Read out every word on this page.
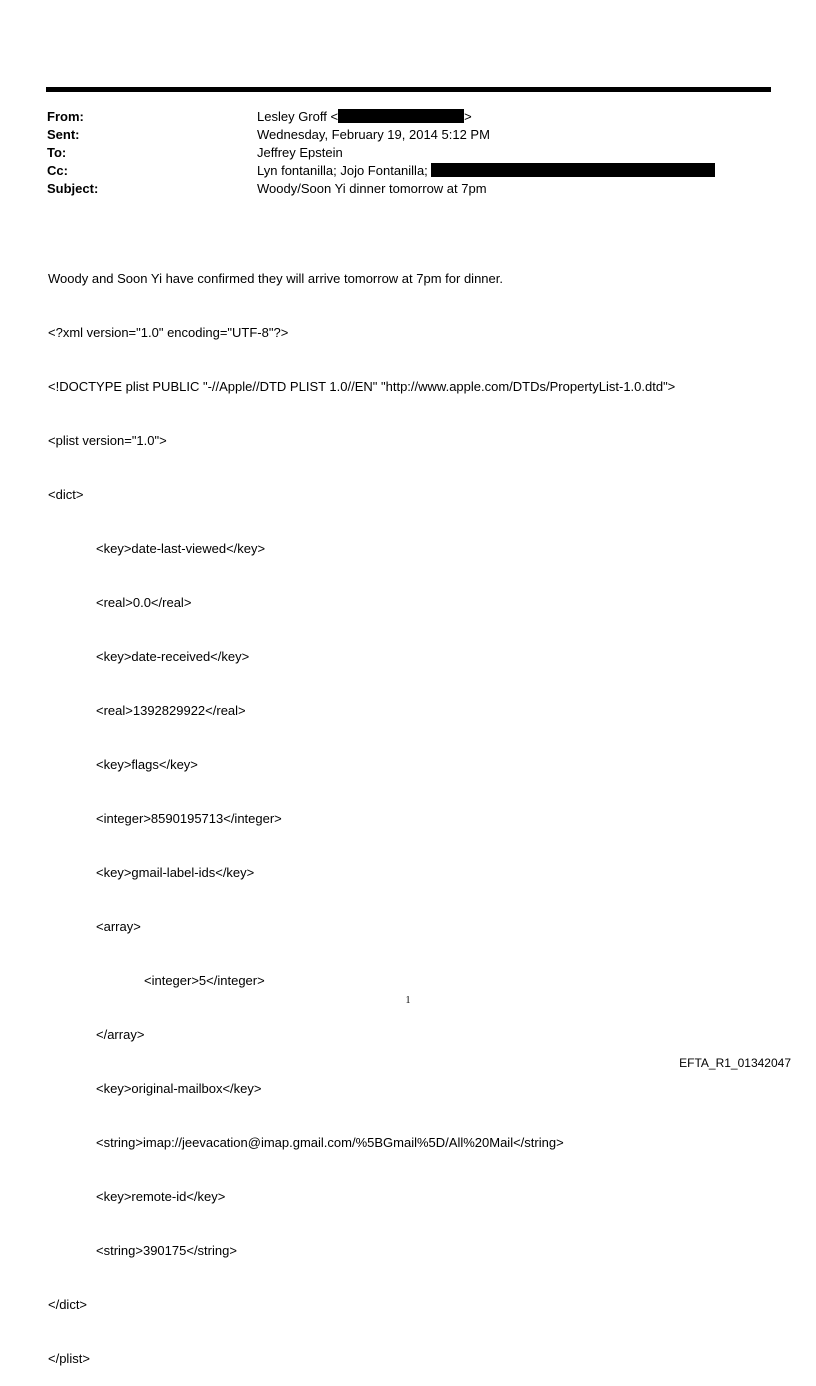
From:	Lesley Groff <	>
Sent:	Wednesday, February 19, 2014 5:12 PM
To:	Jeffrey Epstein
Cc:	Lyn fontanilla; Jojo Fontanilla;
Subject:	Woody/Soon Yi dinner tomorrow at 7pm

Woody and Soon Yi have confirmed they will arrive tomorrow at 7pm for dinner.

<?xml version="1.0" encoding="UTF-8"?>

<!DOCTYPE plist PUBLIC "-//Apple//DTD PLIST 1.0//EN" "http://www.apple.com/DTDs/PropertyList-1.0.dtd">

<plist version="1.0">

<dict>

<key>date-last-viewed</key>

<real>0.0</real>

<key>date-received</key>

<real>1392829922</real>

<key>flags</key>

<integer>8590195713</integer>

<key>gmail-label-ids</key>

<array>

<integer>5</integer>

</array>

<key>original-mailbox</key>

<string>imap://jeevacation@imap.gmail.com/%5BGmail%5D/All%20Mail</string>

<key>remote-id</key>

<string>390175</string>

</dict>

</plist>

1
EFTA_R1_01342047
